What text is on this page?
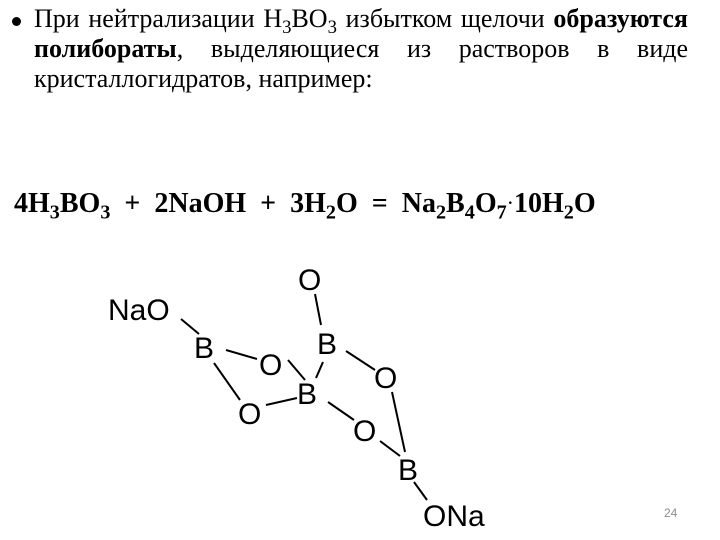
При нейтрализации $H_3BO_3$ избытком щелочи образуются полибораты, выделяющиеся из растворов в виде кристаллогидратов, например:
$4H_3BO_3$ + 2NaOH + $3H_2O = Na_2B_4O_7\cdot 10H_2O$
NaO
B
O
B
O	O
B
O
O
B
ONa	24
